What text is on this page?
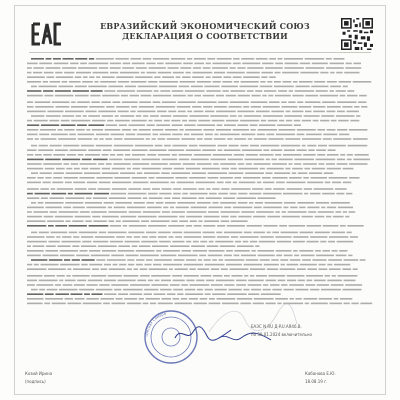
ЕВРАЗИЙСКИЙ ЭКОНОМИЧЕСКИЙ СОЮЗ
ДЕКЛАРАЦИЯ О СООТВЕТСТВИИ
«Весна» Самара
Козий Ирина
(подпись)
ЕАЭС N RU Д-RU.АЯ46.В.
по 30.01.2024 включительно
Кабанова Е.Ю.
18.08.19 г.
